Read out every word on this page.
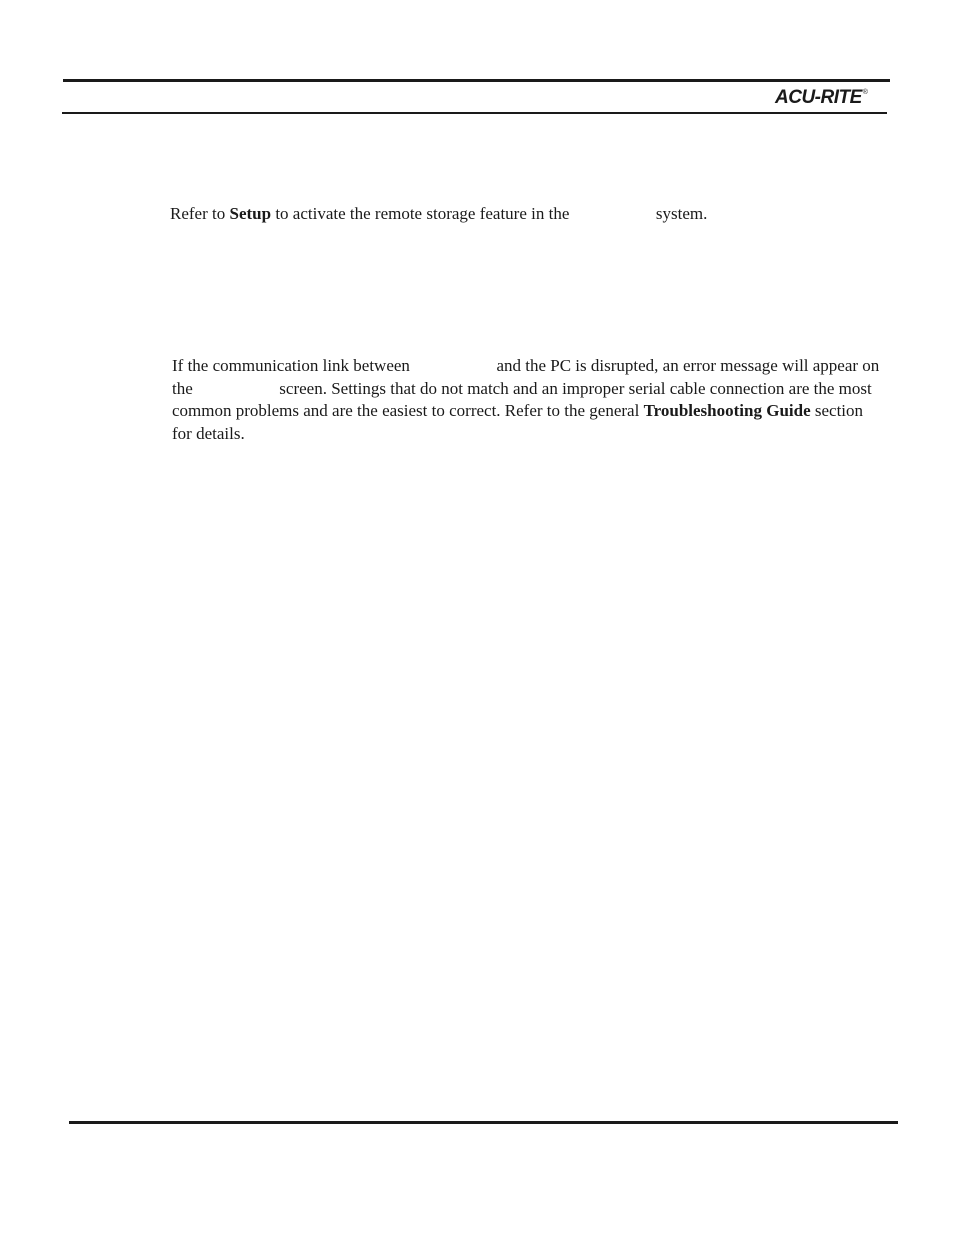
ACU-RITE ®

Refer to Setup to activate the remote storage feature in the	system.

If the communication link between	and the PC is disrupted, an error message will appear on the	screen. Settings that do not match and an improper serial cable connection are the most common problems and are the easiest to correct. Refer to the general Troubleshooting Guide section for details.
